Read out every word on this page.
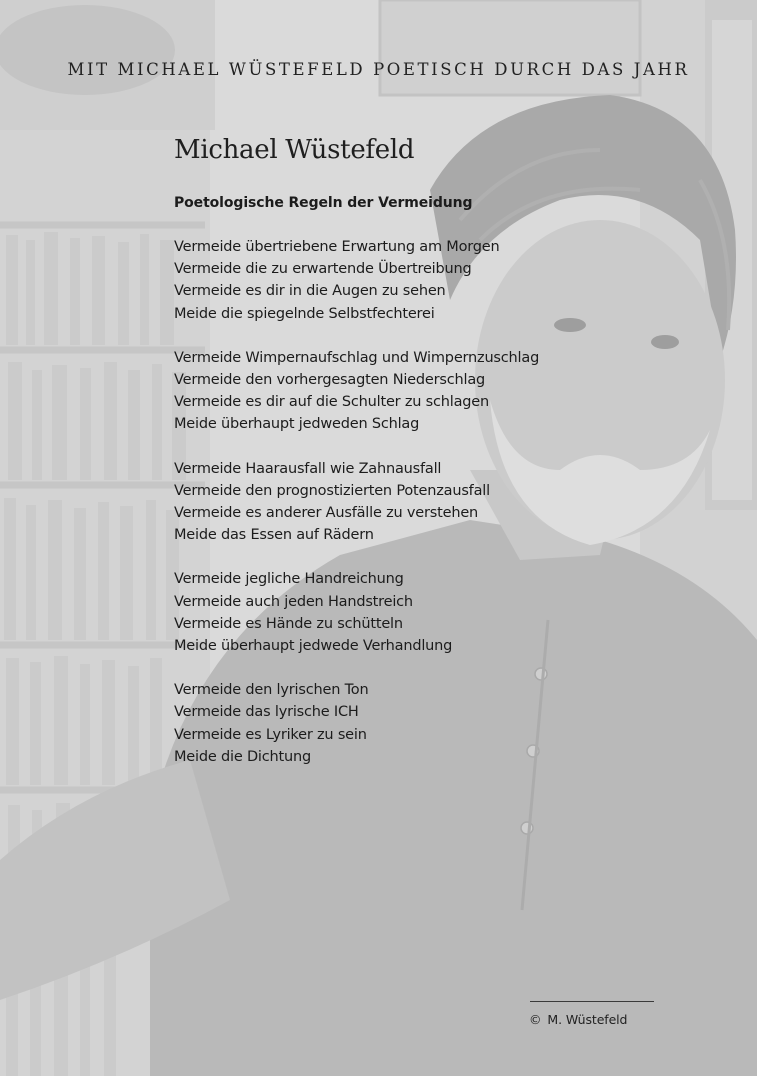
MIT MICHAEL WÜSTEFELD POETISCH DURCH DAS JAHR
Michael Wüstefeld
Poetologische Regeln der Vermeidung
Vermeide übertriebene Erwartung am Morgen
Vermeide die zu erwartende Übertreibung
Vermeide es dir in die Augen zu sehen
Meide die spiegelnde Selbstfechterei
Vermeide Wimpernaufschlag und Wimpernzuschlag
Vermeide den vorhergesagten Niederschlag
Vermeide es dir auf die Schulter zu schlagen
Meide überhaupt jedweden Schlag
Vermeide Haarausfall wie Zahnausfall
Vermeide den prognostizierten Potenzausfall
Vermeide es anderer Ausfälle zu verstehen
Meide das Essen auf Rädern
Vermeide jegliche Handreichung
Vermeide auch jeden Handstreich
Vermeide es Hände zu schütteln
Meide überhaupt jedwede Verhandlung
Vermeide den lyrischen Ton
Vermeide das lyrische ICH
Vermeide es Lyriker zu sein
Meide die Dichtung
© M. Wüstefeld
